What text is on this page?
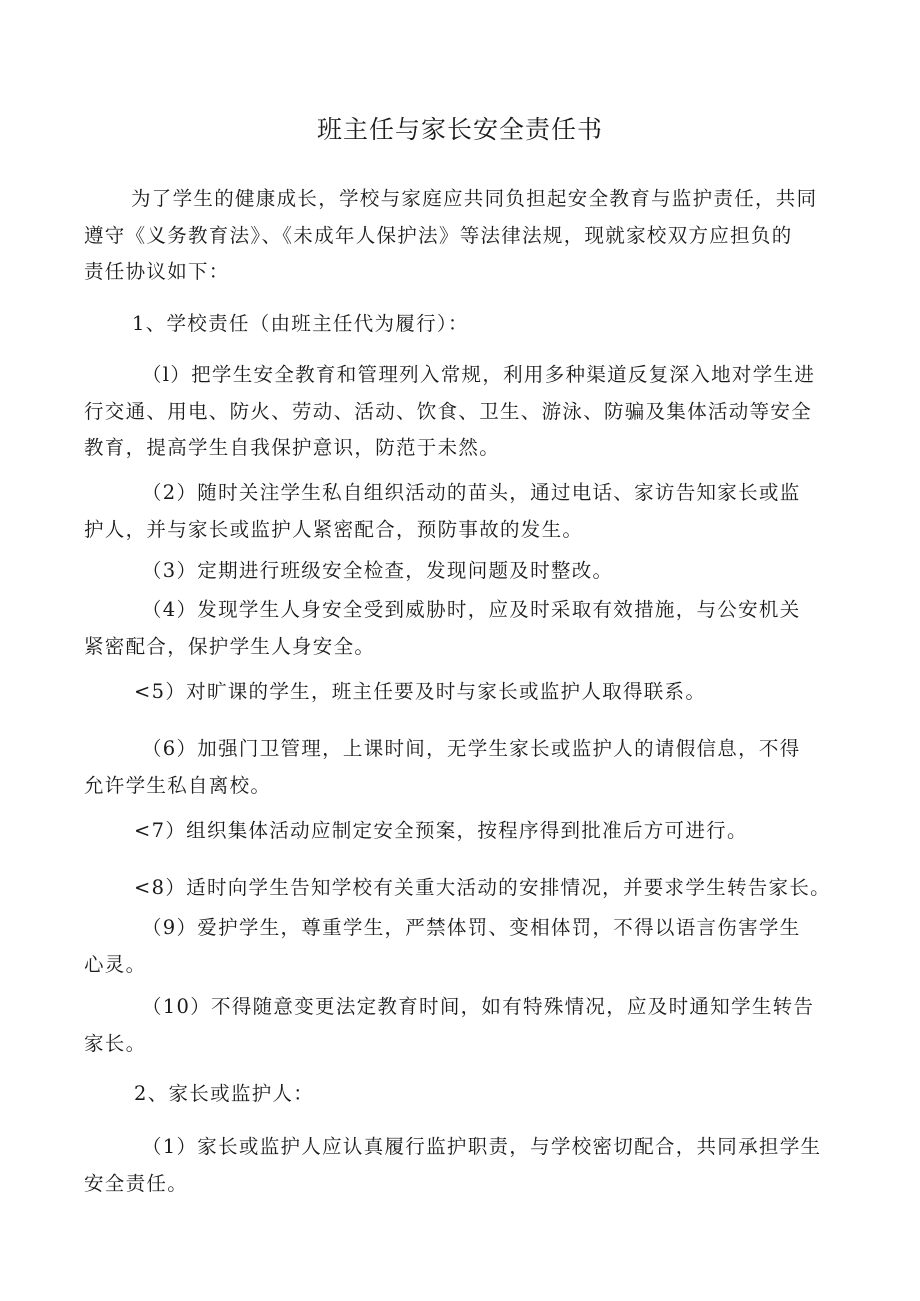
班主任与家长安全责任书

为了学生的健康成长，学校与家庭应共同负担起安全教育与监护责任，共同
遵守《义务教育法》、《未成年人保护法》等法律法规，现就家校双方应担负的
责任协议如下：

1、学校责任（由班主任代为履行）：

（l）把学生安全教育和管理列入常规，利用多种渠道反复深入地对学生进
行交通、用电、防火、劳动、活动、饮食、卫生、游泳、防骗及集体活动等安全
教育，提高学生自我保护意识，防范于未然。

（2）随时关注学生私自组织活动的苗头，通过电话、家访告知家长或监
护人，并与家长或监护人紧密配合，预防事故的发生。

（3）定期进行班级安全检查，发现问题及时整改。

（4）发现学生人身安全受到威胁时，应及时采取有效措施，与公安机关
紧密配合，保护学生人身安全。

<5）对旷课的学生，班主任要及时与家长或监护人取得联系。

（6）加强门卫管理，上课时间，无学生家长或监护人的请假信息，不得
允许学生私自离校。

<7）组织集体活动应制定安全预案，按程序得到批准后方可进行。

<8）适时向学生告知学校有关重大活动的安排情况，并要求学生转告家长。

（9）爱护学生，尊重学生，严禁体罚、变相体罚，不得以语言伤害学生
心灵。

（10）不得随意变更法定教育时间，如有特殊情况，应及时通知学生转告
家长。

2、家长或监护人：

（1）家长或监护人应认真履行监护职责，与学校密切配合，共同承担学生
安全责任。
